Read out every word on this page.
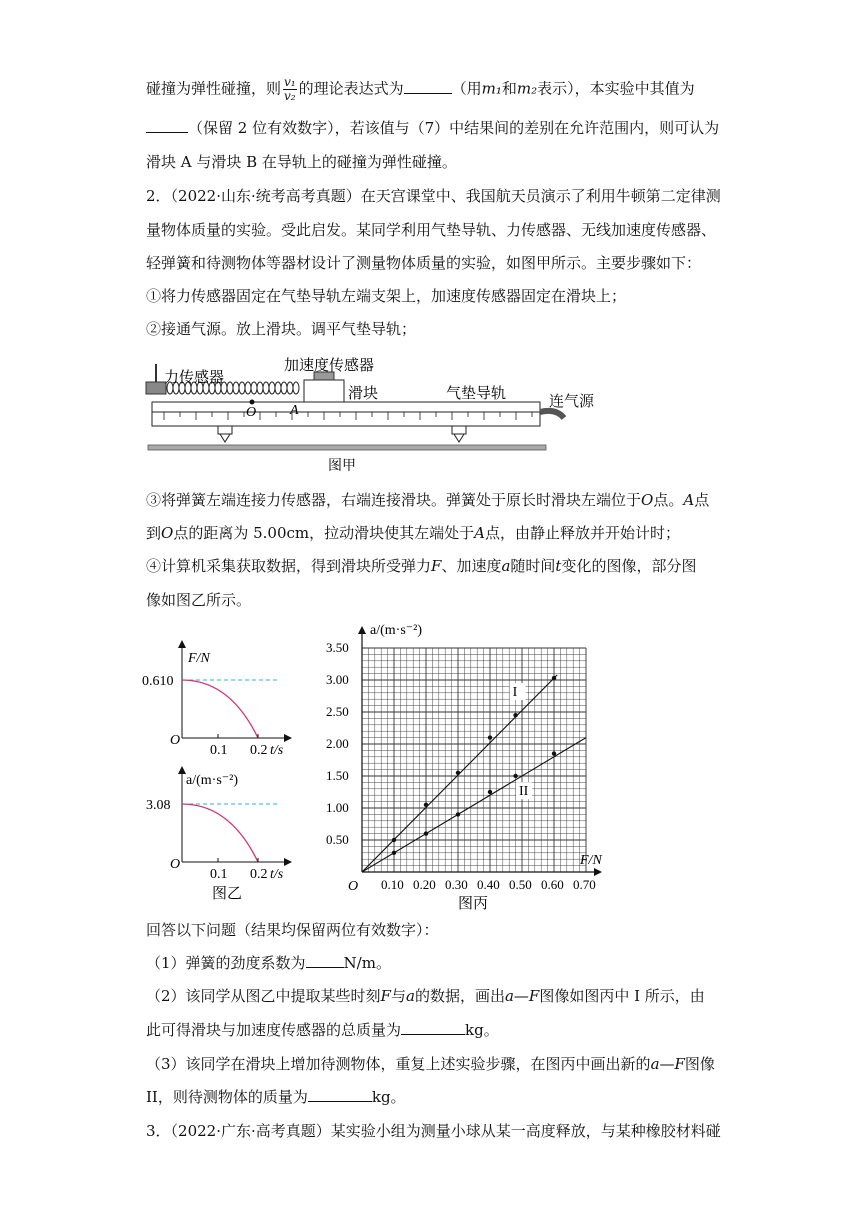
碰撞为弹性碰撞，则 $\frac{\text{v₁}}{\text{v₂}}$ 的理论表达式为	（用m₁和m₂表示），本实验中其值为
（保留 2 位有效数字），若该值与（7）中结果间的差别在允许范围内，则可认为
滑块 A 与滑块 B 在导轨上的碰撞为弹性碰撞。
2．（2022·山东·统考高考真题）在天宫课堂中、我国航天员演示了利用牛顿第二定律测
量物体质量的实验。受此启发。某同学利用气垫导轨、力传感器、无线加速度传感器、
轻弹簧和待测物体等器材设计了测量物体质量的实验，如图甲所示。主要步骤如下：
①将力传感器固定在气垫导轨左端支架上，加速度传感器固定在滑块上；
②接通气源。放上滑块。调平气垫导轨；
力传感器
加速度传感器
滑块	气垫导轨
O A
图甲
连气源
③将弹簧左端连接力传感器，右端连接滑块。弹簧处于原长时滑块左端位于O点。A点
到O点的距离为 5.00cm，拉动滑块使其左端处于A点，由静止释放并开始计时；
④计算机采集获取数据，得到滑块所受弹力F、加速度a随时间t变化的图像，部分图
像如图乙所示。
F/N
0.610
O
0.1 0.2 t/s
a/(m·s⁻²)
3.08
O
0.1 0.2 t/s
图乙
0.10 0.20 0.30 0.40 0.50 0.60 0.70
0.50
1.00
1.50
2.00
2.50
3.00
3.50
O
a/(m·s⁻²)
F/N
I
II
图丙
回答以下问题（结果均保留两位有效数字）：
（1）弹簧的劲度系数为	N/m。
（2）该同学从图乙中提取某些时刻F与a的数据，画出a—F图像如图丙中 I 所示，由
此可得滑块与加速度传感器的总质量为	kg。
（3）该同学在滑块上增加待测物体，重复上述实验步骤，在图丙中画出新的a—F图像
II，则待测物体的质量为	kg。
3．（2022·广东·高考真题）某实验小组为测量小球从某一高度释放，与某种橡胶材料碰
